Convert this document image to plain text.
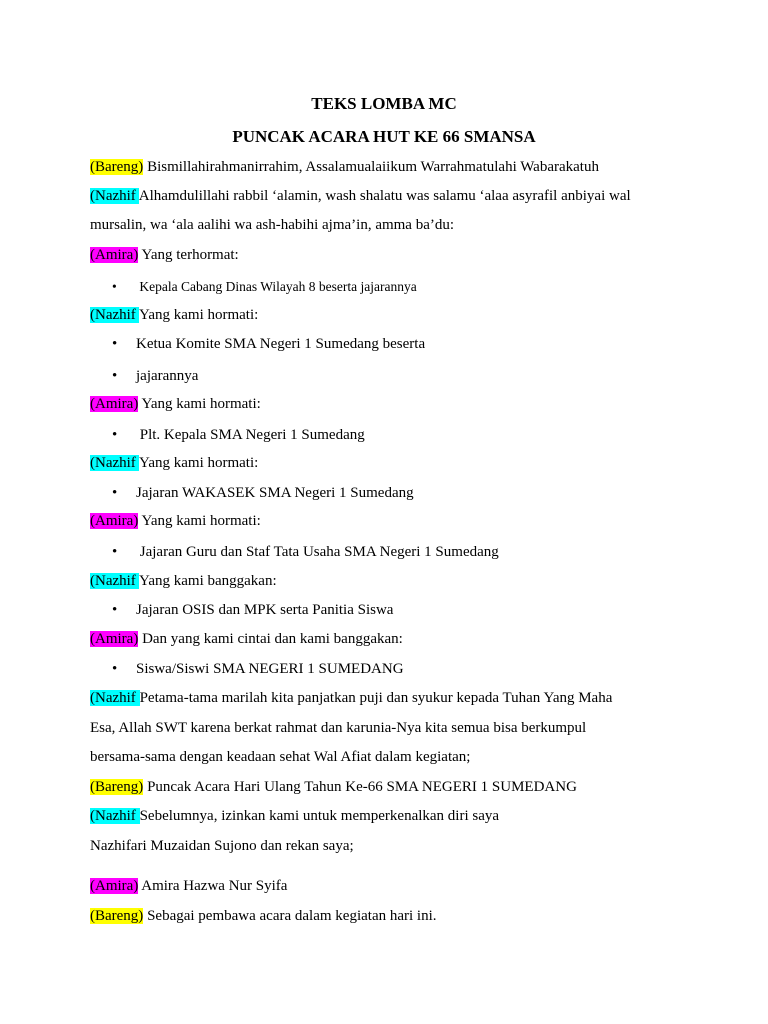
TEKS LOMBA MC
PUNCAK ACARA HUT KE 66 SMANSA
(Bareng) Bismillahirahmanirrahim, Assalamualaiikum Warrahmatulahi Wabarakatuh
(Nazhif Alhamdulillahi rabbil ‘alamin, wash shalatu was salamu ‘alaa asyrafil anbiyai wal
mursalin, wa ‘ala aalihi wa ash-habihi ajma’in, amma ba’du:
(Amira) Yang terhormat:
• Kepala Cabang Dinas Wilayah 8 beserta jajarannya
(Nazhif Yang kami hormati:
• Ketua Komite SMA Negeri 1 Sumedang beserta
• jajarannya
(Amira) Yang kami hormati:
• Plt. Kepala SMA Negeri 1 Sumedang
(Nazhif Yang kami hormati:
• Jajaran WAKASEK SMA Negeri 1 Sumedang
(Amira) Yang kami hormati:
• Jajaran Guru dan Staf Tata Usaha SMA Negeri 1 Sumedang
(Nazhif Yang kami banggakan:
• Jajaran OSIS dan MPK serta Panitia Siswa
(Amira) Dan yang kami cintai dan kami banggakan:
• Siswa/Siswi SMA NEGERI 1 SUMEDANG
(Nazhif Petama-tama marilah kita panjatkan puji dan syukur kepada Tuhan Yang Maha
Esa, Allah SWT karena berkat rahmat dan karunia-Nya kita semua bisa berkumpul
bersama-sama dengan keadaan sehat Wal Afiat dalam kegiatan;
(Bareng) Puncak Acara Hari Ulang Tahun Ke-66 SMA NEGERI 1 SUMEDANG
(Nazhif Sebelumnya, izinkan kami untuk memperkenalkan diri saya
Nazhifari Muzaidan Sujono dan rekan saya;
(Amira) Amira Hazwa Nur Syifa
(Bareng) Sebagai pembawa acara dalam kegiatan hari ini.
